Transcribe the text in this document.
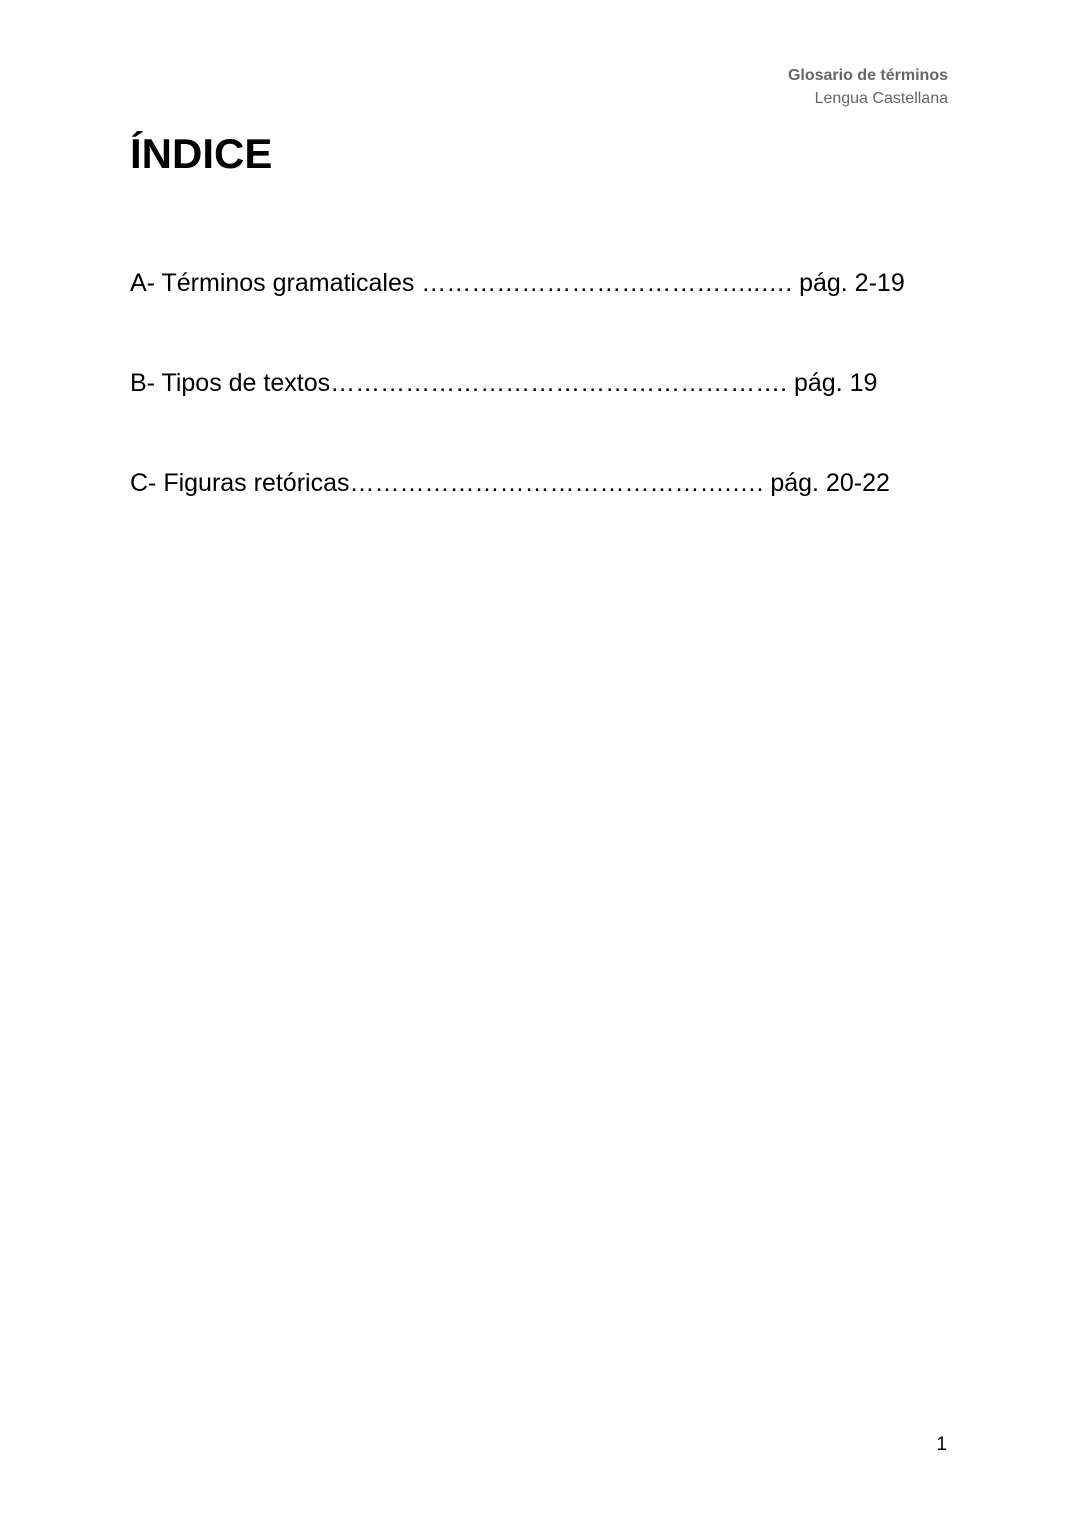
Glosario de términos
Lengua Castellana
ÍNDICE
A- Términos gramaticales …………………………………..…. pág. 2-19
B- Tipos de textos………………………………………………. pág. 19
C- Figuras retóricas……………………………………….…. pág. 20-22
1
